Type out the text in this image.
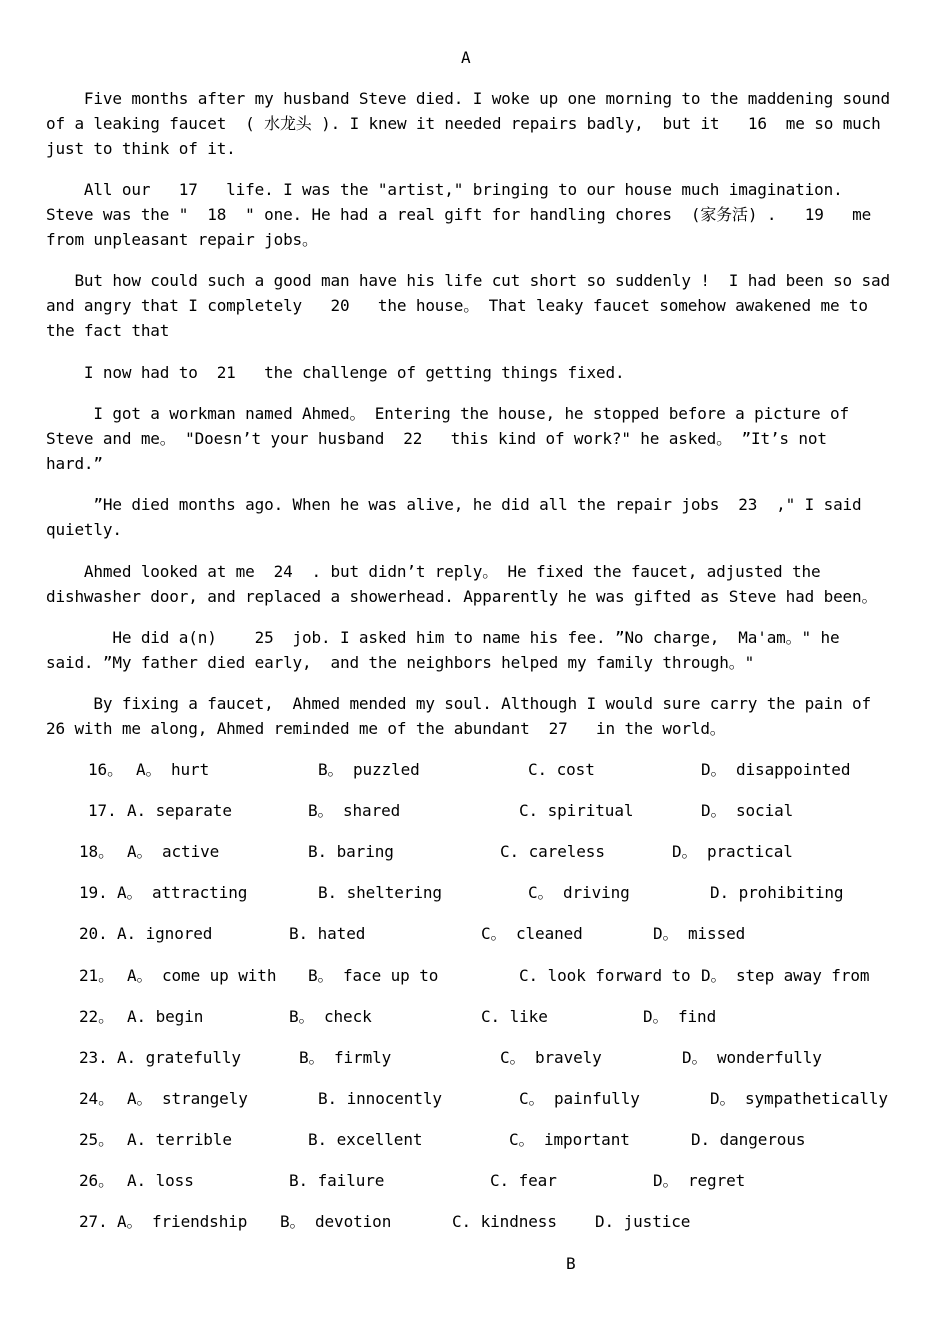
A
Five months after my husband Steve died. I woke up one morning to the maddening sound
of a leaking faucet  ( 水龙头 ). I knew it needed repairs badly,  but it   16  me so much
just to think of it.
All our   17   life. I was the "artist," bringing to our house much imagination.
Steve was the "  18  " one. He had a real gift for handling chores  (家务活) .   19   me
from unpleasant repair jobs。
But how could such a good man have his life cut short so suddenly !  I had been so sad
and angry that I completely   20   the house。 That leaky faucet somehow awakened me to
the fact that
I now had to  21   the challenge of getting things fixed.
I got a workman named Ahmed。 Entering the house, he stopped before a picture of
Steve and me。 "Doesn’t your husband  22   this kind of work?" he asked。 ”It’s not
hard.”
”He died months ago. When he was alive, he did all the repair jobs  23  ," I said
quietly.
Ahmed looked at me  24  . but didn’t reply。 He fixed the faucet, adjusted the
dishwasher door, and replaced a showerhead. Apparently he was gifted as Steve had been。
He did a(n)    25  job. I asked him to name his fee. ”No charge,  Ma'am。" he
said. ”My father died early,  and the neighbors helped my family through。"
By fixing a faucet,  Ahmed mended my soul. Although I would sure carry the pain of
26 with me along, Ahmed reminded me of the abundant  27   in the world。
16。 A。 hurt	B。 puzzled	C. cost	D。 disappointed
17. A. separate	B。 shared	C. spiritual	D。 social
18。 A。 active	B. baring	C. careless	D。 practical
19. A。 attracting	B. sheltering	C。 driving	D. prohibiting
20. A. ignored	B. hated	C。 cleaned	D。 missed
21。 A。 come up with B。 face up to	C. look forward to D。 step away from
22。 A. begin	B。 check	C. like	D。 find
23. A. gratefully	B。 firmly	C。 bravely	D。 wonderfully
24。 A。 strangely	B. innocently	C。 painfully	D。 sympathetically
25。 A. terrible	B. excellent	C。 important	D. dangerous
26。 A. loss	B. failure	C. fear	D。 regret
27. A。 friendship B。 devotion	C. kindness D. justice
B
